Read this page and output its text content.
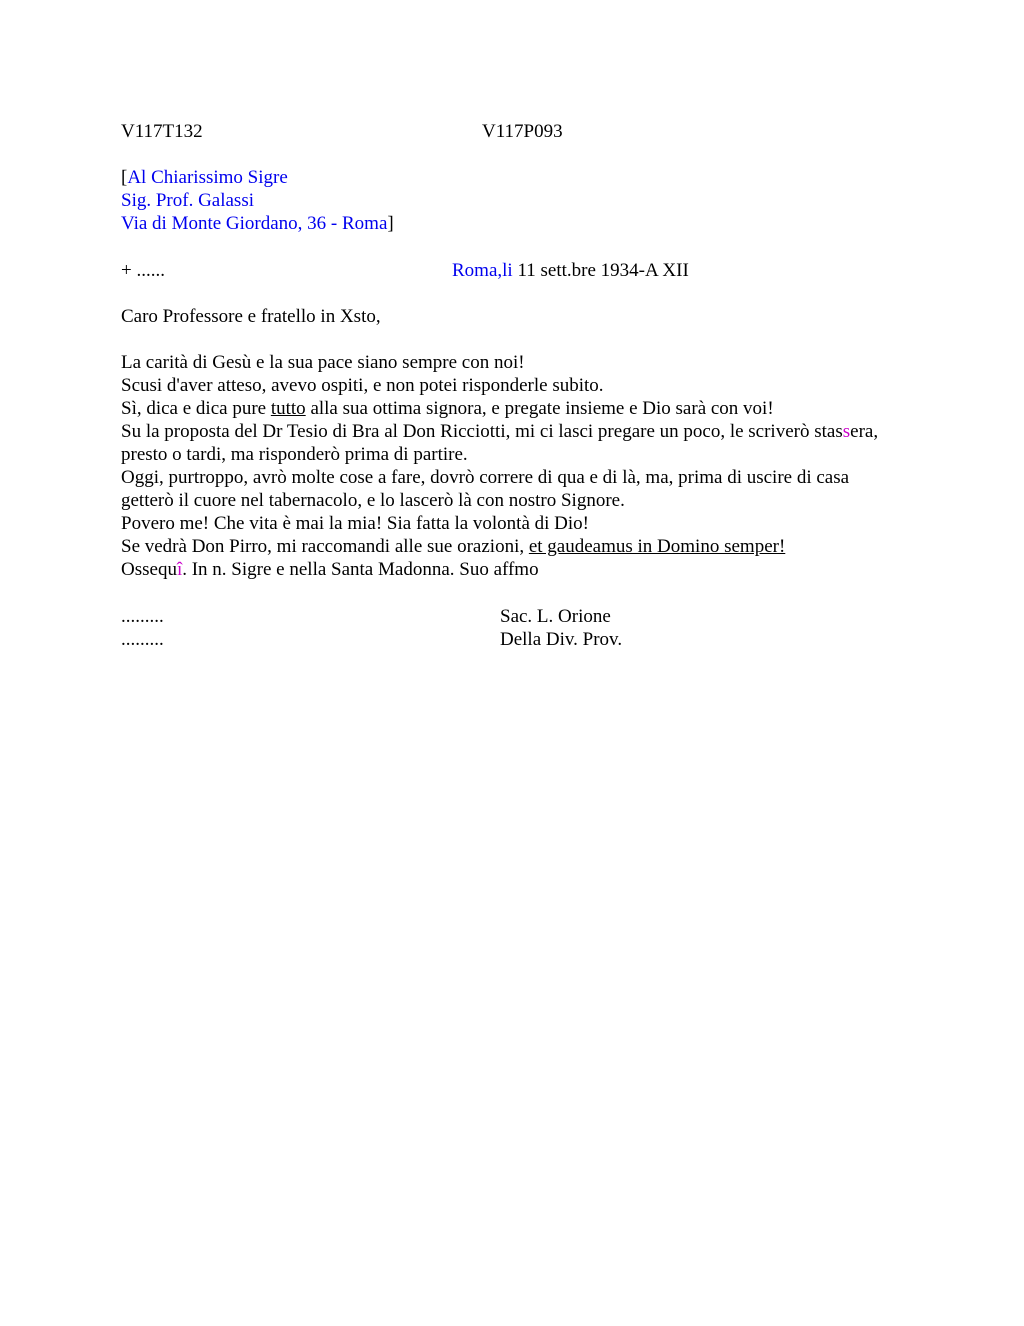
V117T132	V117P093
[Al Chiarissimo Sigre
Sig. Prof. Galassi
Via di Monte Giordano, 36 - Roma]
+ ......	Roma,li 11 sett.bre 1934-A XII
Caro Professore e fratello in Xsto,
La carità di Gesù e la sua pace siano sempre con noi!
Scusi d'aver atteso, avevo ospiti, e non potei risponderle subito.
Sì, dica e dica pure tutto alla sua ottima signora, e pregate insieme e Dio sarà con voi!
Su la proposta del Dr Tesio di Bra al Don Ricciotti, mi ci lasci pregare un poco, le scriverò stassera,
presto o tardi, ma risponderò prima di partire.
Oggi, purtroppo, avrò molte cose a fare, dovrò correre di qua e di là, ma, prima di uscire di casa
getterò il cuore nel tabernacolo, e lo lascerò là con nostro Signore.
Povero me! Che vita è mai la mia! Sia fatta la volontà di Dio!
Se vedrà Don Pirro, mi raccomandi alle sue orazioni, et gaudeamus in Domino semper!
Ossequî. In n. Sigre e nella Santa Madonna. Suo affmo
.........	Sac. L. Orione
.........	Della Div. Prov.
